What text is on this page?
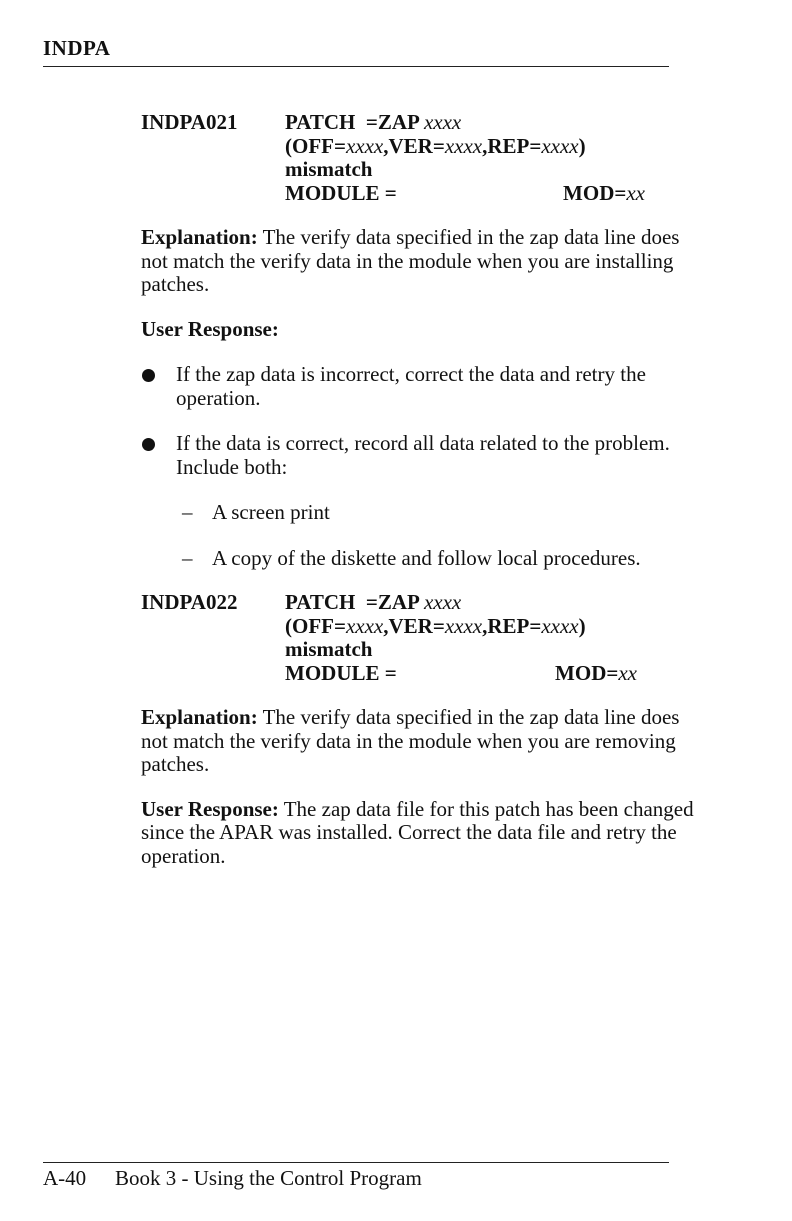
INDPA
INDPA021	PATCH  =ZAP xxxx
(OFF=xxxx,VER=xxxx,REP=xxxx)
mismatch
MODULE =	MOD=xx

Explanation: The verify data specified in the zap data line does not match the verify data in the module when you are installing patches.

User Response:

If the zap data is incorrect, correct the data and retry the operation.
If the data is correct, record all data related to the problem. Include both:
– A screen print
– A copy of the diskette and follow local procedures.
INDPA022	PATCH  =ZAP xxxx
(OFF=xxxx,VER=xxxx,REP=xxxx)
mismatch
MODULE =	MOD=xx

Explanation: The verify data specified in the zap data line does not match the verify data in the module when you are removing patches.

User Response: The zap data file for this patch has been changed since the APAR was installed. Correct the data file and retry the operation.

A-40 Book 3 - Using the Control Program
